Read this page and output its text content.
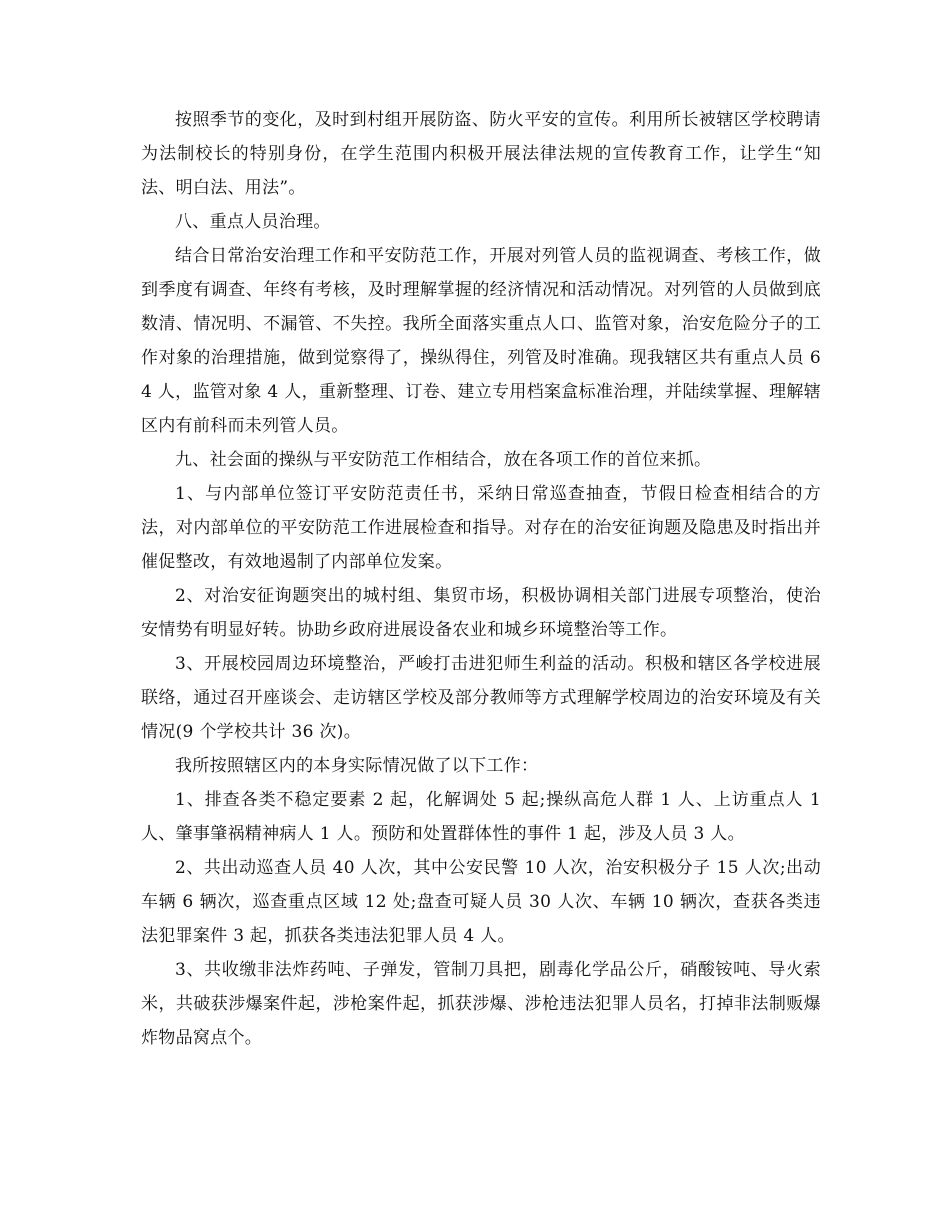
按照季节的变化，及时到村组开展防盗、防火平安的宣传。利用所长被辖区学校聘请为法制校长的特别身份，在学生范围内积极开展法律法规的宣传教育工作，让学生“知法、明白法、用法”。

八、重点人员治理。

结合日常治安治理工作和平安防范工作，开展对列管人员的监视调查、考核工作，做到季度有调查、年终有考核，及时理解掌握的经济情况和活动情况。对列管的人员做到底数清、情况明、不漏管、不失控。我所全面落实重点人口、监管对象，治安危险分子的工作对象的治理措施，做到觉察得了，操纵得住，列管及时准确。现我辖区共有重点人员 64 人，监管对象 4 人，重新整理、订卷、建立专用档案盒标准治理，并陆续掌握、理解辖区内有前科而未列管人员。

九、社会面的操纵与平安防范工作相结合，放在各项工作的首位来抓。

1、与内部单位签订平安防范责任书，采纳日常巡查抽查，节假日检查相结合的方法，对内部单位的平安防范工作进展检查和指导。对存在的治安征询题及隐患及时指出并催促整改，有效地遏制了内部单位发案。

2、对治安征询题突出的城村组、集贸市场，积极协调相关部门进展专项整治，使治安情势有明显好转。协助乡政府进展设备农业和城乡环境整治等工作。

3、开展校园周边环境整治，严峻打击进犯师生利益的活动。积极和辖区各学校进展联络，通过召开座谈会、走访辖区学校及部分教师等方式理解学校周边的治安环境及有关情况(9 个学校共计 36 次)。

我所按照辖区内的本身实际情况做了以下工作：

1、排查各类不稳定要素 2 起，化解调处 5 起;操纵高危人群 1 人、上访重点人 1 人、肇事肇祸精神病人 1 人。预防和处置群体性的事件 1 起，涉及人员 3 人。

2、共出动巡查人员 40 人次，其中公安民警 10 人次，治安积极分子 15 人次;出动车辆 6 辆次，巡查重点区域 12 处;盘查可疑人员 30 人次、车辆 10 辆次，查获各类违法犯罪案件 3 起，抓获各类违法犯罪人员 4 人。

3、共收缴非法炸药吨、子弹发，管制刀具把，剧毒化学品公斤，硝酸铵吨、导火索米，共破获涉爆案件起，涉枪案件起，抓获涉爆、涉枪违法犯罪人员名，打掉非法制贩爆炸物品窝点个。
